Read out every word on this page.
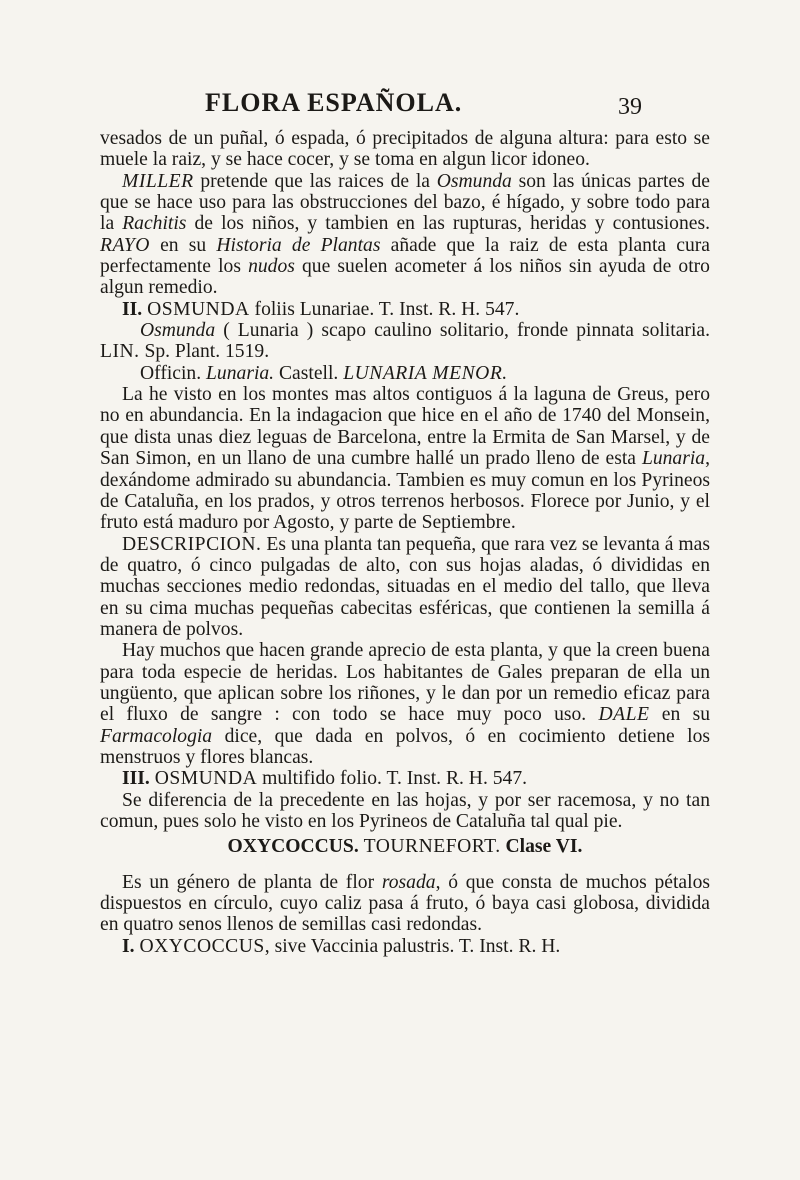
FLORA ESPAÑOLA.	39

vesados de un puñal, ó espada, ó precipitados de alguna altura: para esto se muele la raiz, y se hace cocer, y se toma en algun licor idoneo.

MILLER pretende que las raices de la Osmunda son las únicas partes de que se hace uso para las obstrucciones del bazo, é hígado, y sobre todo para la Rachitis de los niños, y tambien en las rupturas, heridas y contusiones. RAYO en su Historia de Plantas añade que la raiz de esta planta cura perfectamente los nudos que suelen acometer á los niños sin ayuda de otro algun remedio.

II. OSMUNDA foliis Lunariae. T. Inst. R. H. 547.

Osmunda ( Lunaria ) scapo caulino solitario, fronde pinnata solitaria. LIN. Sp. Plant. 1519.

Officin. Lunaria. Castell. LUNARIA MENOR.

La he visto en los montes mas altos contiguos á la laguna de Greus, pero no en abundancia. En la indagacion que hice en el año de 1740 del Monsein, que dista unas diez leguas de Barcelona, entre la Ermita de San Marsel, y de San Simon, en un llano de una cumbre hallé un prado lleno de esta Lunaria, dexándome admirado su abundancia. Tambien es muy comun en los Pyrineos de Cataluña, en los prados, y otros terrenos herbosos. Florece por Junio, y el fruto está maduro por Agosto, y parte de Septiembre.

DESCRIPCION. Es una planta tan pequeña, que rara vez se levanta á mas de quatro, ó cinco pulgadas de alto, con sus hojas aladas, ó divididas en muchas secciones medio redondas, situadas en el medio del tallo, que lleva en su cima muchas pequeñas cabecitas esféricas, que contienen la semilla á manera de polvos.

Hay muchos que hacen grande aprecio de esta planta, y que la creen buena para toda especie de heridas. Los habitantes de Gales preparan de ella un ungüento, que aplican sobre los riñones, y le dan por un remedio eficaz para el fluxo de sangre : con todo se hace muy poco uso. DALE en su Farmacologia dice, que dada en polvos, ó en cocimiento detiene los menstruos y flores blancas.

III. OSMUNDA multifido folio. T. Inst. R. H. 547.

Se diferencia de la precedente en las hojas, y por ser racemosa, y no tan comun, pues solo he visto en los Pyrineos de Cataluña tal qual pie.

OXYCOCCUS. TOURNEFORT. Clase VI.

Es un género de planta de flor rosada, ó que consta de muchos pétalos dispuestos en círculo, cuyo caliz pasa á fruto, ó baya casi globosa, dividida en quatro senos llenos de semillas casi redondas.

I. OXYCOCCUS, sive Vaccinia palustris. T. Inst. R. H.
